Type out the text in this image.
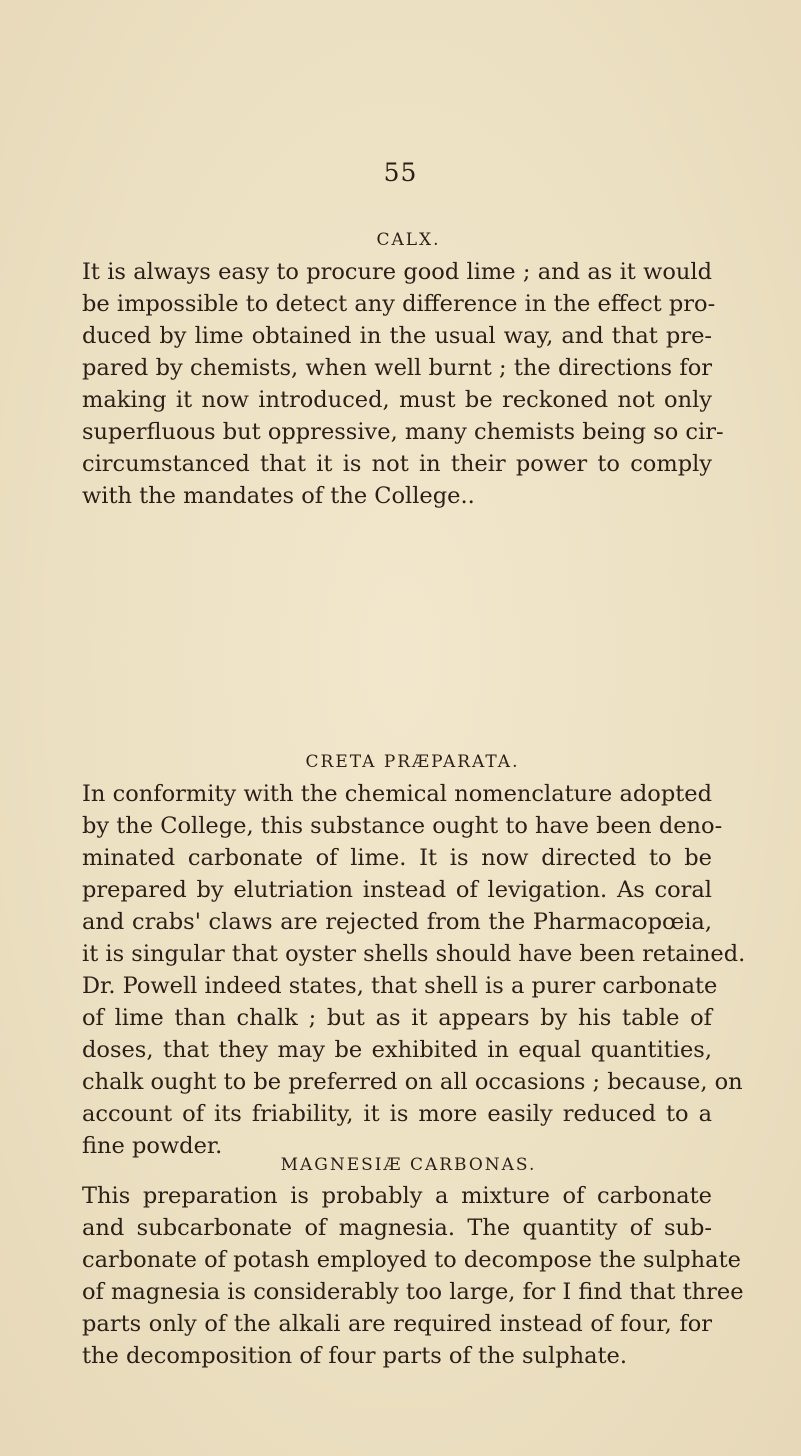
55
CALX.
It is always easy to procure good lime ; and as it would
be impossible to detect any difference in the effect pro-
duced by lime obtained in the usual way, and that pre-
pared by chemists, when well burnt ; the directions for
making it now introduced, must be reckoned not only
superfluous but oppressive, many chemists being so cir-
circumstanced that it is not in their power to comply
with the mandates of the College..
CRETA PRÆPARATA.
In conformity with the chemical nomenclature adopted
by the College, this substance ought to have been deno-
minated carbonate of lime. It is now directed to be
prepared by elutriation instead of levigation. As coral
and crabs' claws are rejected from the Pharmacopœia,
it is singular that oyster shells should have been retained.
Dr. Powell indeed states, that shell is a purer carbonate
of lime than chalk ; but as it appears by his table of
doses, that they may be exhibited in equal quantities,
chalk ought to be preferred on all occasions ; because, on
account of its friability, it is more easily reduced to a
fine powder.
MAGNESIÆ CARBONAS.
This preparation is probably a mixture of carbonate
and subcarbonate of magnesia. The quantity of sub-
carbonate of potash employed to decompose the sulphate
of magnesia is considerably too large, for I find that three
parts only of the alkali are required instead of four, for
the decomposition of four parts of the sulphate.
